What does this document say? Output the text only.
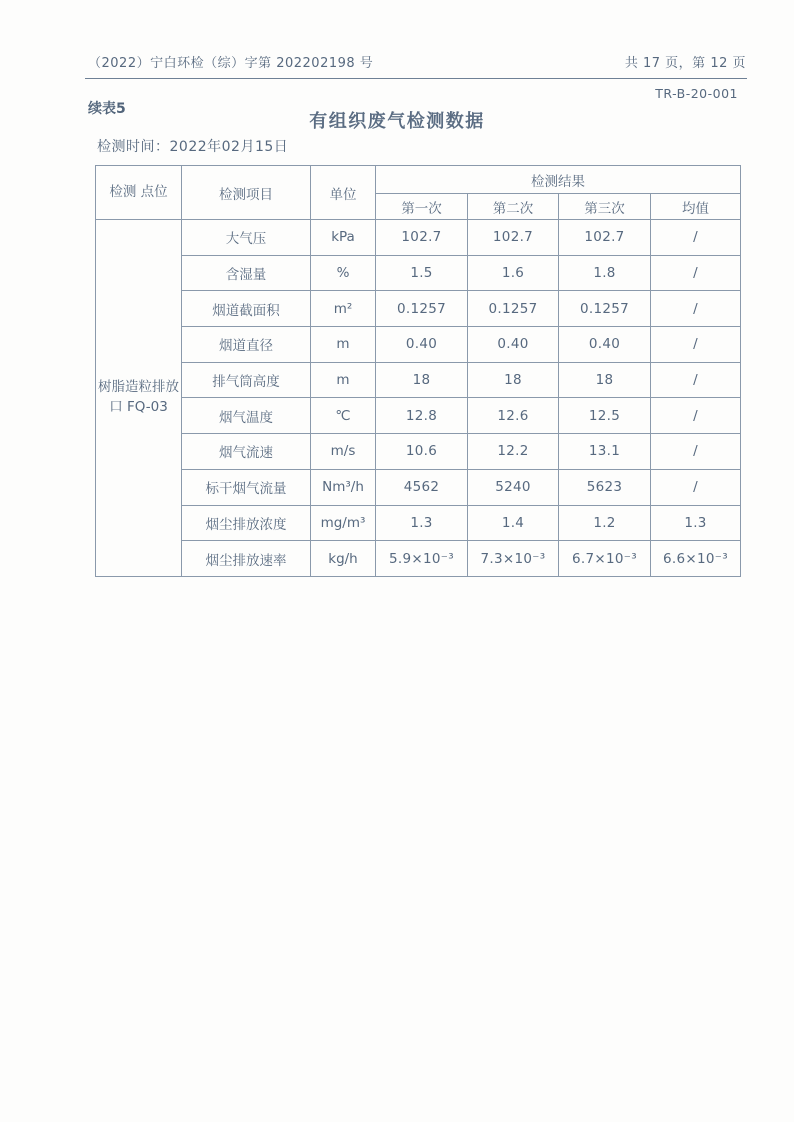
（2022）宁白环检（综）字第 202202198 号	共 17 页，第 12 页
TR-B-20-001
续表5
有组织废气检测数据
检测时间：2022年02月15日
检测 点位	检测项目	单位	检测结果			
			第一次	第二次	第三次	均值
树脂造粒排放口 FQ-03	大气压	kPa	102.7	102.7	102.7	/
	含湿量	%	1.5	1.6	1.8	/
	烟道截面积	m²	0.1257	0.1257	0.1257	/
	烟道直径	m	0.40	0.40	0.40	/
	排气筒高度	m	18	18	18	/
	烟气温度	℃	12.8	12.6	12.5	/
	烟气流速	m/s	10.6	12.2	13.1	/
	标干烟气流量	Nm³/h	4562	5240	5623	/
	烟尘排放浓度	mg/m³	1.3	1.4	1.2	1.3
	烟尘排放速率	kg/h	5.9×10⁻³	7.3×10⁻³	6.7×10⁻³	6.6×10⁻³
